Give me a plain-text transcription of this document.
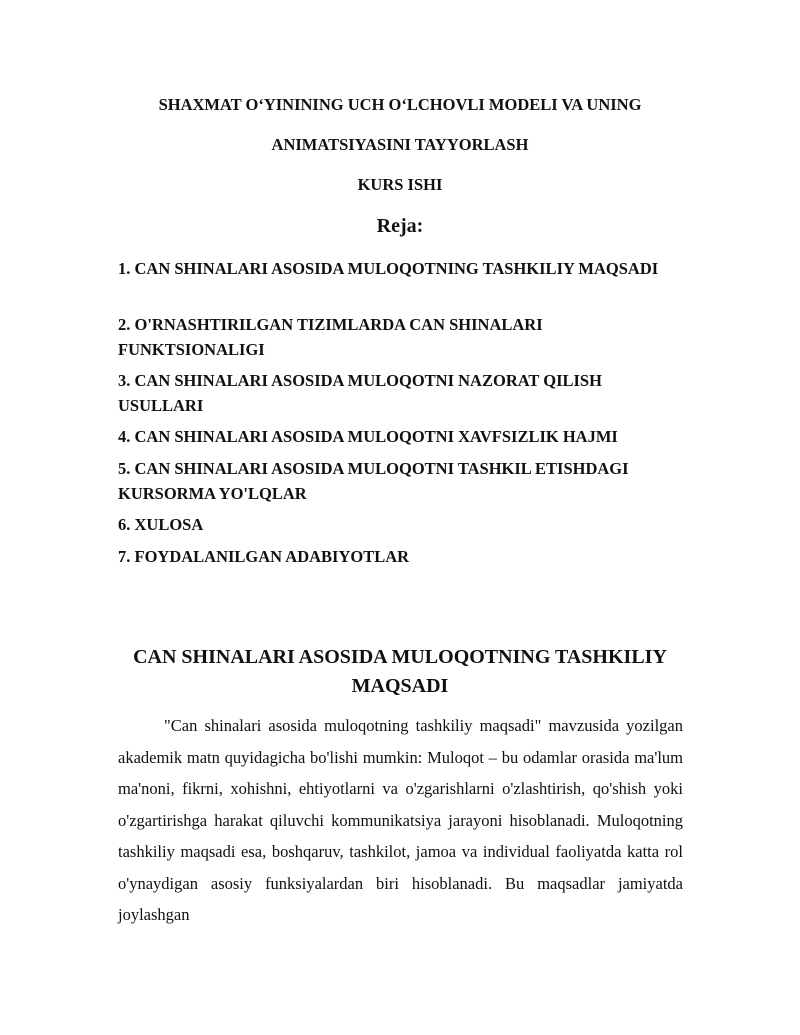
SHAXMAT O‘YININING UCH O‘LCHOVLI MODELI VA UNING
ANIMATSIYASINI TAYYORLASH
KURS ISHI
Reja:
1. CAN SHINALARI ASOSIDA MULOQOTNING TASHKILIY MAQSADI
2. O'RNASHTIRILGAN TIZIMLARDA CAN SHINALARI FUNKTSIONALIGI
3. CAN SHINALARI ASOSIDA MULOQOTNI NAZORAT QILISH USULLARI
4. CAN SHINALARI ASOSIDA MULOQOTNI XAVFSIZLIK HAJMI
5. CAN SHINALARI ASOSIDA MULOQOTNI TASHKIL ETISHDAGI KURSORMA YO'LQLAR
6. XULOSA
7. FOYDALANILGAN ADABIYOTLAR
CAN SHINALARI ASOSIDA MULOQOTNING TASHKILIY MAQSADI
"Can shinalari asosida muloqotning tashkiliy maqsadi" mavzusida yozilgan akademik matn quyidagicha bo'lishi mumkin: Muloqot – bu odamlar orasida ma'lum ma'noni, fikrni, xohishni, ehtiyotlarni va o'zgarishlarni o'zlashtirish, qo'shish yoki o'zgartirishga harakat qiluvchi kommunikatsiya jarayoni hisoblanadi. Muloqotning tashkiliy maqsadi esa, boshqaruv, tashkilot, jamoa va individual faoliyatda katta rol o'ynaydigan asosiy funksiyalardan biri hisoblanadi. Bu maqsadlar jamiyatda joylashgan
